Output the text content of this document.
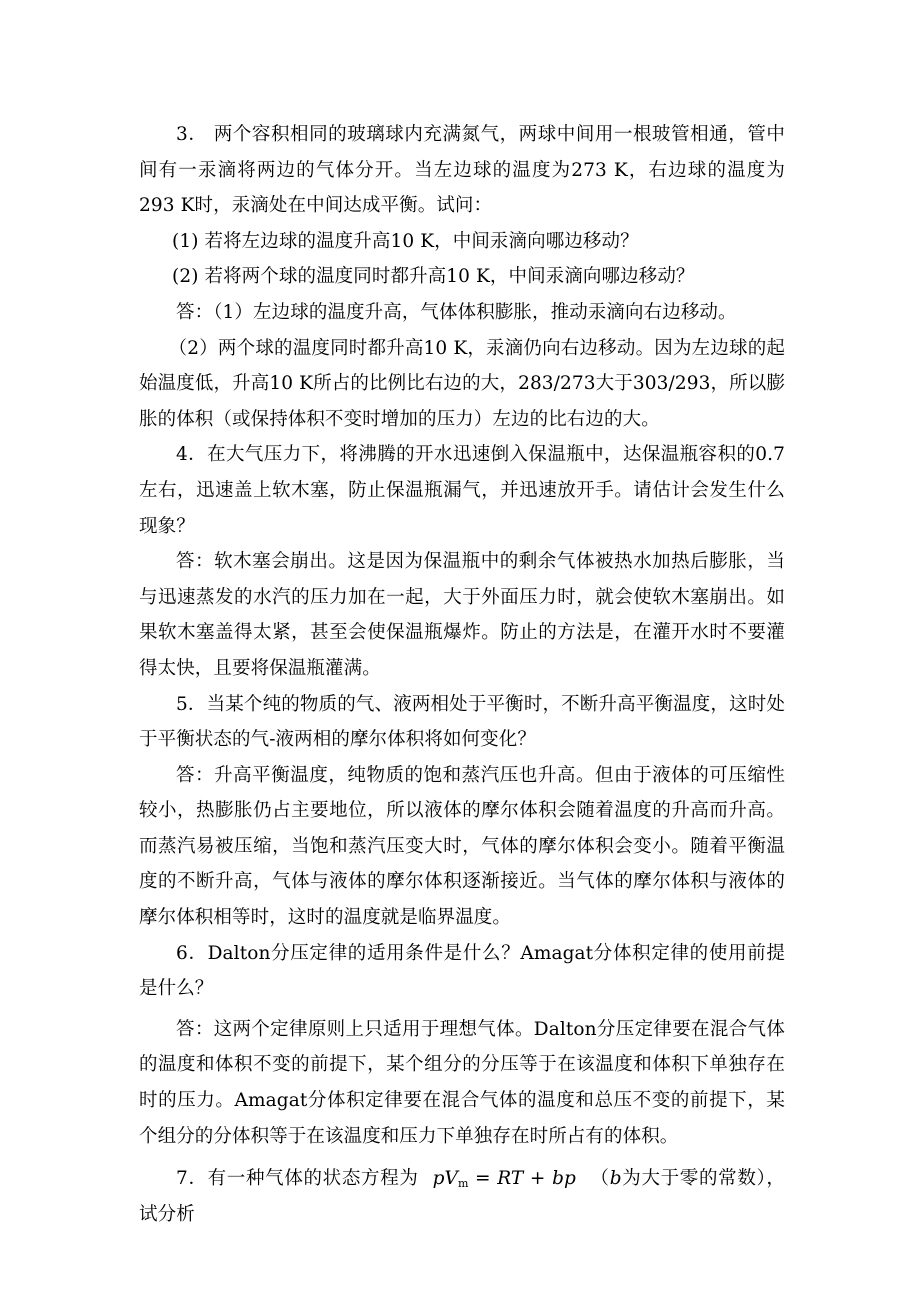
3． 两个容积相同的玻璃球内充满氮气，两球中间用一根玻管相通，管中间有一汞滴将两边的气体分开。当左边球的温度为273 K，右边球的温度为293 K时，汞滴处在中间达成平衡。试问：

(1) 若将左边球的温度升高10 K，中间汞滴向哪边移动？

(2) 若将两个球的温度同时都升高10 K，中间汞滴向哪边移动？

答：（1）左边球的温度升高，气体体积膨胀，推动汞滴向右边移动。

（2）两个球的温度同时都升高10 K，汞滴仍向右边移动。因为左边球的起始温度低，升高10 K所占的比例比右边的大，283/273大于303/293，所以膨胀的体积（或保持体积不变时增加的压力）左边的比右边的大。

4．在大气压力下，将沸腾的开水迅速倒入保温瓶中，达保温瓶容积的0.7左右，迅速盖上软木塞，防止保温瓶漏气，并迅速放开手。请估计会发生什么现象？

答：软木塞会崩出。这是因为保温瓶中的剩余气体被热水加热后膨胀，当与迅速蒸发的水汽的压力加在一起，大于外面压力时，就会使软木塞崩出。如果软木塞盖得太紧，甚至会使保温瓶爆炸。防止的方法是，在灌开水时不要灌得太快，且要将保温瓶灌满。

5．当某个纯的物质的气、液两相处于平衡时，不断升高平衡温度，这时处于平衡状态的气-液两相的摩尔体积将如何变化？

答：升高平衡温度，纯物质的饱和蒸汽压也升高。但由于液体的可压缩性较小，热膨胀仍占主要地位，所以液体的摩尔体积会随着温度的升高而升高。而蒸汽易被压缩，当饱和蒸汽压变大时，气体的摩尔体积会变小。随着平衡温度的不断升高，气体与液体的摩尔体积逐渐接近。当气体的摩尔体积与液体的摩尔体积相等时，这时的温度就是临界温度。

6．Dalton分压定律的适用条件是什么？Amagat分体积定律的使用前提是什么？

答：这两个定律原则上只适用于理想气体。Dalton分压定律要在混合气体的温度和体积不变的前提下，某个组分的分压等于在该温度和体积下单独存在时的压力。Amagat分体积定律要在混合气体的温度和总压不变的前提下，某个组分的分体积等于在该温度和压力下单独存在时所占有的体积。

7．有一种气体的状态方程为 $pV_m$ = RT + bp （b为大于零的常数），试分析
